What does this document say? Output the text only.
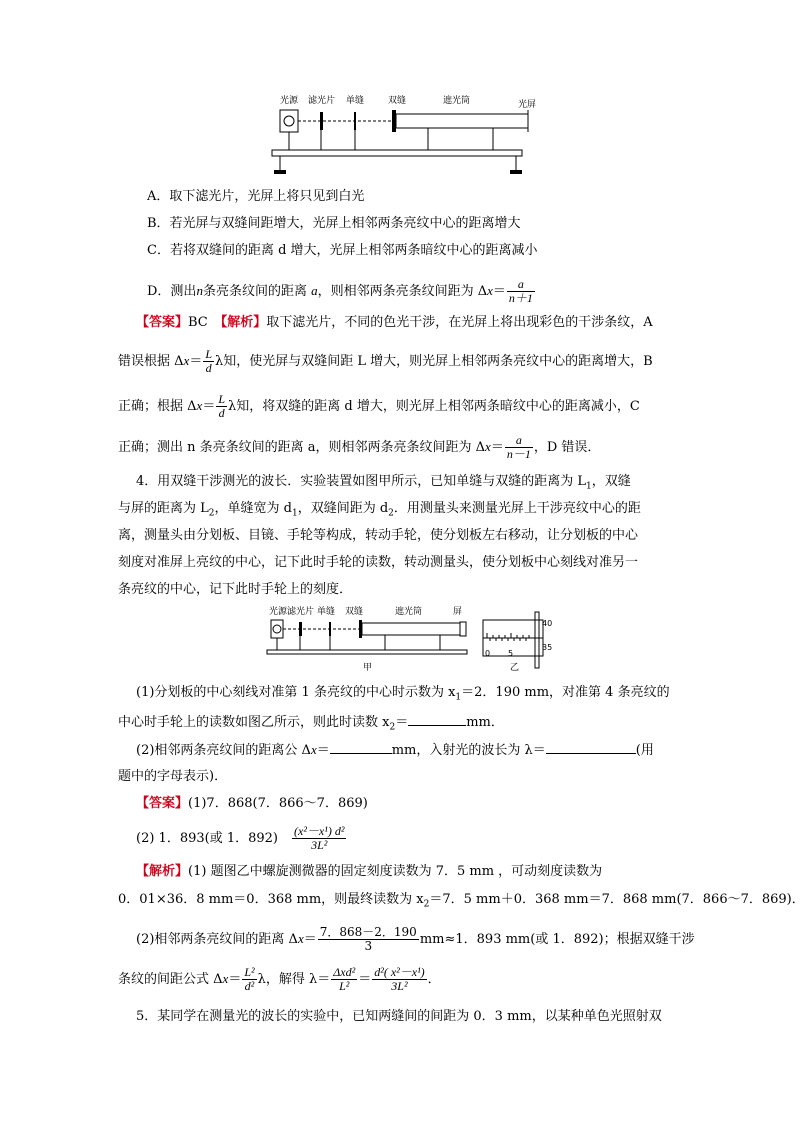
光源 滤光片 单缝	双缝	遮光筒	光屏
A．取下滤光片，光屏上将只见到白光
B．若光屏与双缝间距增大，光屏上相邻两条亮纹中心的距离增大
C．若将双缝间的距离 d 增大，光屏上相邻两条暗纹中心的距离减小
D．测出n条亮条纹间的距离 a，则相邻两条亮条纹间距为 $\Delta x= \frac{a}{n+1}$
【答案】BC　 【解析】取下滤光片，不同的色光干涉，在光屏上将出现彩色的干涉条纹，A
错误根据 $\Delta x= \frac{L}{d}$ λ知，使光屏与双缝间距 L 增大，则光屏上相邻两条亮纹中心的距离增大，B
正确；根据 $\Delta x= \frac{L}{d}$ λ知，将双缝的距离 d 增大，则光屏上相邻两条暗纹中心的距离减小，C
正确；测出 n 条亮条纹间的距离 a，则相邻两条亮条纹间距为 $\Delta x= \frac{a}{n-1}$ ，D 错误．
4．用双缝干涉测光的波长．实验装置如图甲所示，已知单缝与双缝的距离为 $L_1$，双缝
与屏的距离为 $L_2$，单缝宽为 $d_1$，双缝间距为 $d_2$．用测量头来测量光屏上干涉亮纹中心的距
离，测量头由分划板、目镜、手轮等构成，转动手轮，使分划板左右移动，让分划板的中心
刻度对准屏上亮纹的中心，记下此时手轮的读数，转动测量头，使分划板中心刻线对准另一
条亮纹的中心，记下此时手轮上的刻度．
光源 滤光片 单缝 双缝	遮光筒	屏
甲
40
35
0 5
乙
(1)分划板的中心刻线对准第 1 条亮纹的中心时示数为 $x_1=2$．190 mm，对准第 4 条亮纹的
中心时手轮上的读数如图乙所示，则此时读数 $x_2=$	mm．
(2)相邻两条亮纹间的距离公 Δx＝	mm，入射光的波长为 λ＝	(用
题中的字母表示)．
【答案】(1)7．868(7．866～7．869)
(2) 1．893(或 1．892)　 $\frac{\text{(x²－x¹) d²}}{\text{3L²}}$
【解析】(1) 题图乙中螺旋测微器的固定刻度读数为 7．5 mm ，可动刻度读数为
0．01×36．8 mm＝0．368 mm，则最终读数为 $x_2=7$．5 mm＋0．368 mm＝7．868 mm(7．866～7．869)．
(2)相邻两条亮纹间的距离 $\Delta x= \frac{7.868-2.190}{3} mm\approx 1$．893 mm(或 1．892)；根据双缝干涉
条纹的间距公式 $\Delta x= \frac{\text{L²}}{\text{d²}}$ λ，解得 $\lambda= \frac{\text{Δxd²}}{\text{L²}} = \frac{\text{d²( x²－x¹)}}{\text{3L²}}$ ．
5．某同学在测量光的波长的实验中，已知两缝间的间距为 0．3 mm，以某种单色光照射双
